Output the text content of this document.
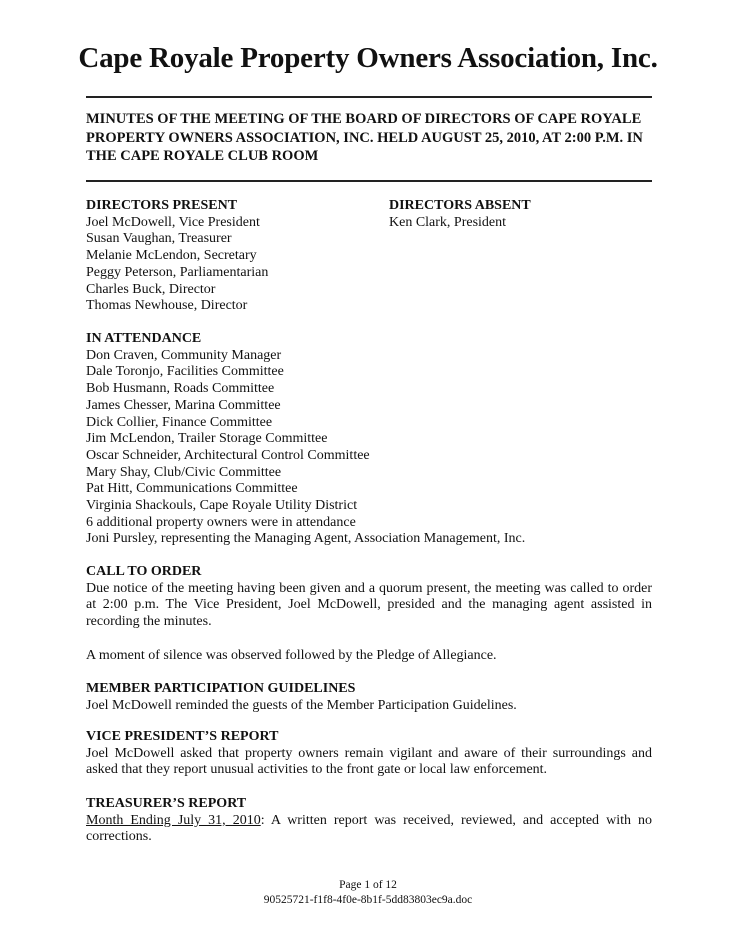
Cape Royale Property Owners Association, Inc.
MINUTES OF THE MEETING OF THE BOARD OF DIRECTORS OF CAPE ROYALE
PROPERTY OWNERS ASSOCIATION, INC. HELD AUGUST 25, 2010, AT 2:00 P.M. IN
THE CAPE ROYALE CLUB ROOM
DIRECTORS PRESENT
Joel McDowell, Vice President
Susan Vaughan, Treasurer
Melanie McLendon, Secretary
Peggy Peterson, Parliamentarian
Charles Buck, Director
Thomas Newhouse, Director
DIRECTORS ABSENT
Ken Clark, President
IN ATTENDANCE
Don Craven, Community Manager
Dale Toronjo, Facilities Committee
Bob Husmann, Roads Committee
James Chesser, Marina Committee
Dick Collier, Finance Committee
Jim McLendon, Trailer Storage Committee
Oscar Schneider, Architectural Control Committee
Mary Shay, Club/Civic Committee
Pat Hitt, Communications Committee
Virginia Shackouls, Cape Royale Utility District
6 additional property owners were in attendance
Joni Pursley, representing the Managing Agent, Association Management, Inc.
CALL TO ORDER
Due notice of the meeting having been given and a quorum present, the meeting was called to order at 2:00 p.m. The Vice President, Joel McDowell, presided and the managing agent assisted in recording the minutes.
A moment of silence was observed followed by the Pledge of Allegiance.
MEMBER PARTICIPATION GUIDELINES
Joel McDowell reminded the guests of the Member Participation Guidelines.
VICE PRESIDENT’S REPORT
Joel McDowell asked that property owners remain vigilant and aware of their surroundings and asked that they report unusual activities to the front gate or local law enforcement.
TREASURER’S REPORT
Month Ending July 31, 2010: A written report was received, reviewed, and accepted with no corrections.
Page 1 of 12
90525721-f1f8-4f0e-8b1f-5dd83803ec9a.doc
